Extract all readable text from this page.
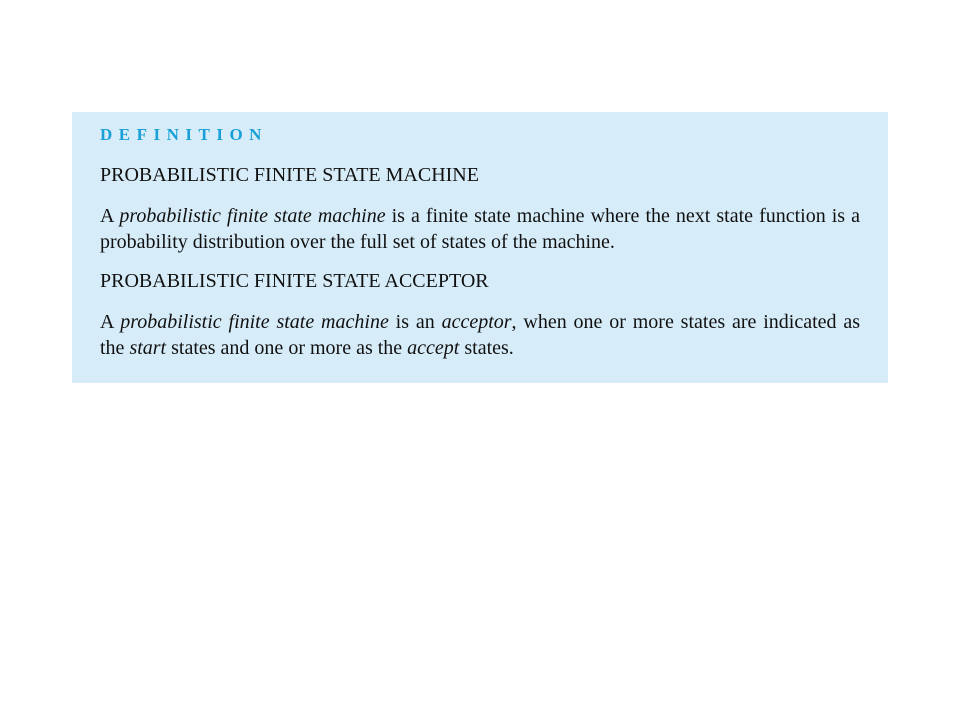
DEFINITION
PROBABILISTIC FINITE STATE MACHINE

A probabilistic finite state machine is a finite state machine where the next state function is a probability distribution over the full set of states of the machine.

PROBABILISTIC FINITE STATE ACCEPTOR

A probabilistic finite state machine is an acceptor, when one or more states are indicated as the start states and one or more as the accept states.
